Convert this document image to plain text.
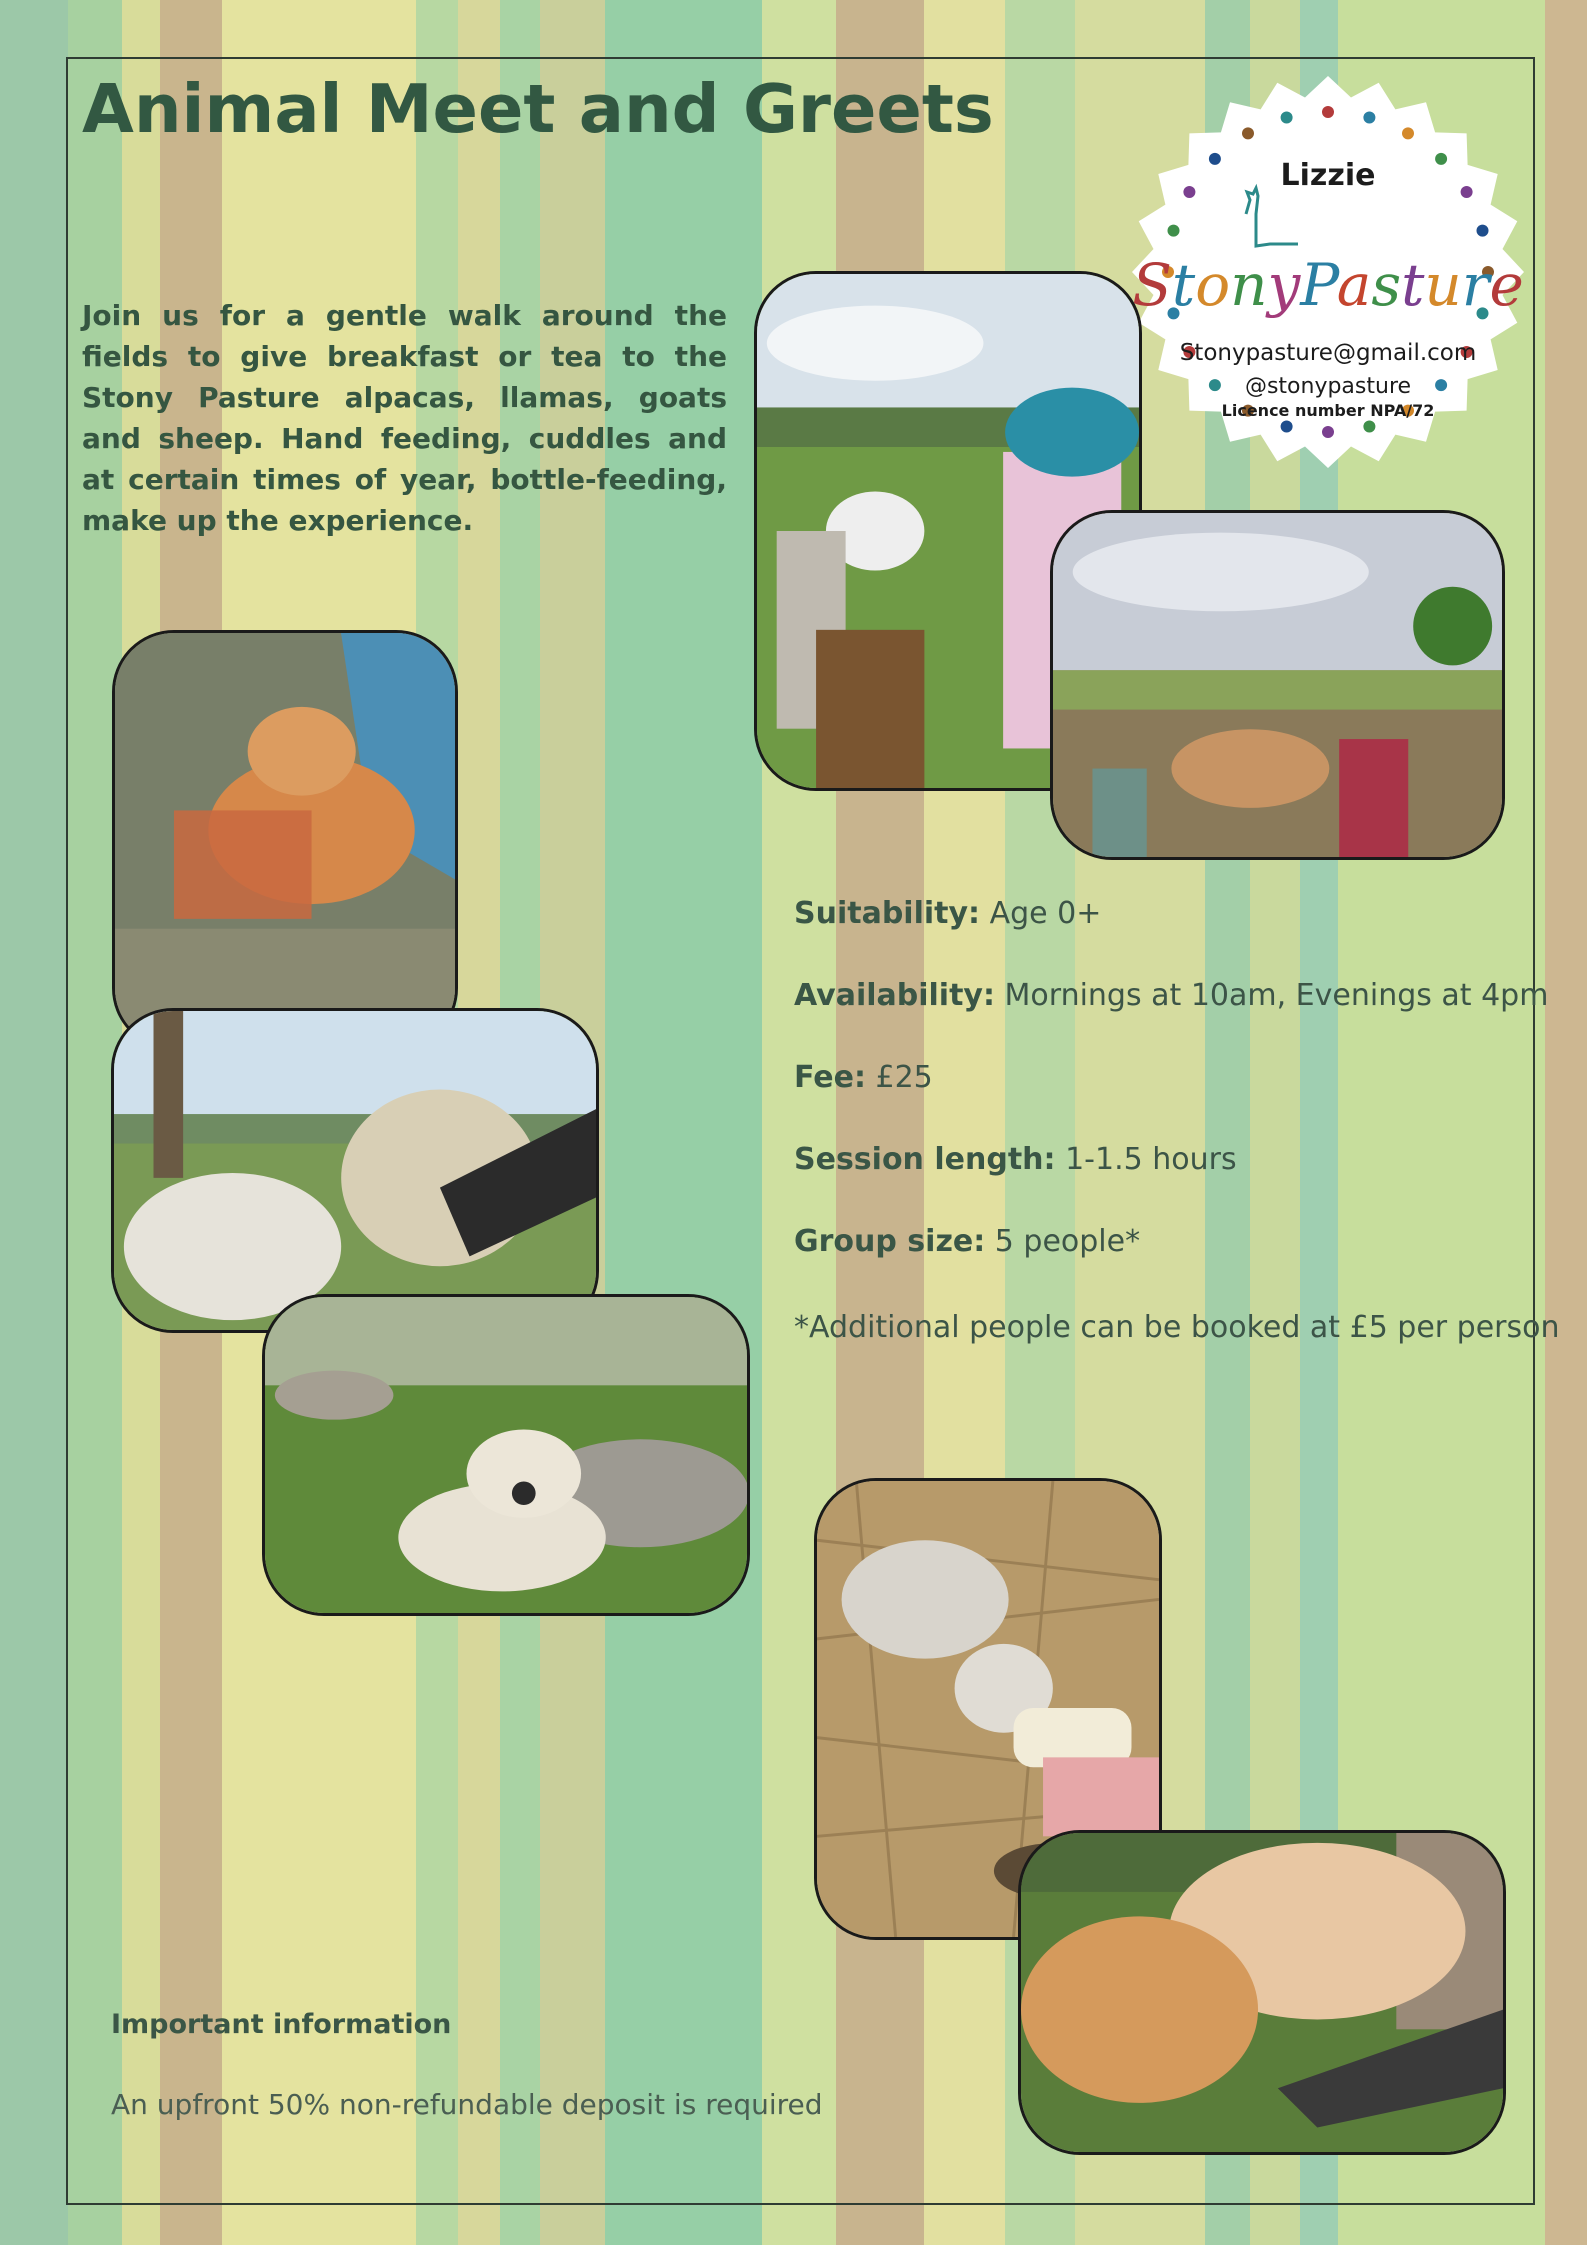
Animal Meet and Greets

Join us for a gentle walk around the fields to give breakfast or tea to the Stony Pasture alpacas, llamas, goats and sheep. Hand feeding, cuddles and at certain times of year, bottle-feeding, make up the experience.

StonyPasture
Lizzie
Stonypasture@gmail.com
@stonypasture
Licence number NPA/72
Suitability: Age 0+
Availability: Mornings at 10am, Evenings at 4pm
Fee: £25
Session length: 1-1.5 hours
Group size: 5 people*
*Additional people can be booked at £5 per person
Important information
An upfront 50% non-refundable deposit is required
